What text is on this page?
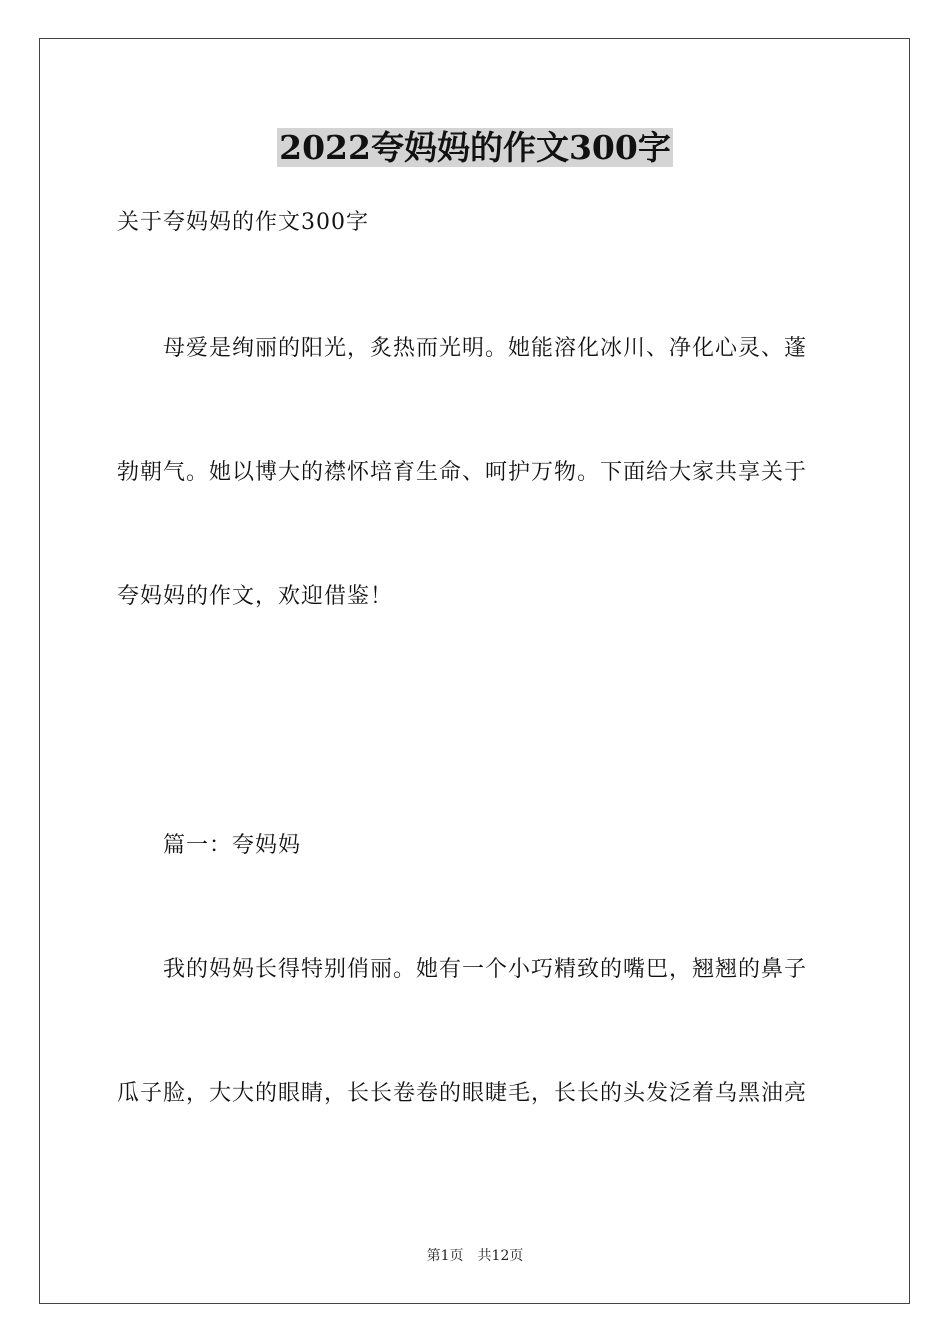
2022夸妈妈的作文300字
关于夸妈妈的作文300字
母爱是绚丽的阳光，炙热而光明。她能溶化冰川、净化心灵、蓬
勃朝气。她以博大的襟怀培育生命、呵护万物。下面给大家共享关于
夸妈妈的作文，欢迎借鉴！
篇一：夸妈妈
我的妈妈长得特别俏丽。她有一个小巧精致的嘴巴，翘翘的鼻子
瓜子脸，大大的眼睛，长长卷卷的眼睫毛，长长的头发泛着乌黑油亮
第1页 共12页
